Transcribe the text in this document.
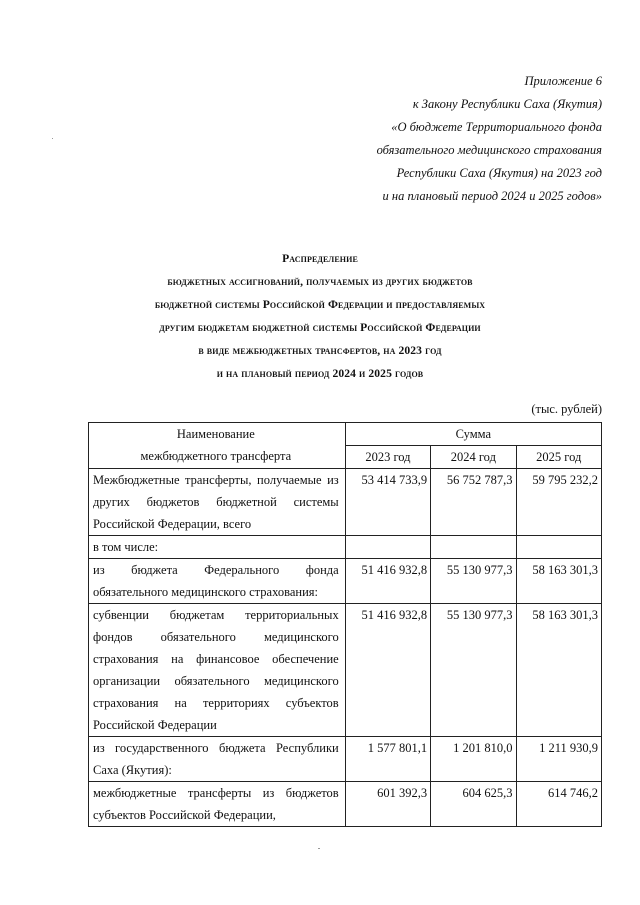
Приложение 6
к Закону Республики Саха (Якутия)
«О бюджете Территориального фонда
обязательного медицинского страхования
Республики Саха (Якутия) на 2023 год
и на плановый период 2024 и 2025 годов»
Распределение
бюджетных ассигнований, получаемых из других бюджетов
бюджетной системы Российской Федерации и предоставляемых
другим бюджетам бюджетной системы Российской Федерации
в виде межбюджетных трансфертов, на 2023 год
и на плановый период 2024 и 2025 годов
(тыс. рублей)
Наименование
межбюджетного трансферта	Сумма		
	2023 год	2024 год	2025 год
Межбюджетные трансферты, получаемые из других бюджетов бюджетной системы Российской Федерации, всего	53 414 733,9	56 752 787,3	59 795 232,2
в том числе:			
из бюджета Федерального фонда обязательного медицинского страхования:	51 416 932,8	55 130 977,3	58 163 301,3
субвенции бюджетам территориальных фондов обязательного медицинского страхования на финансовое обеспечение организации обязательного медицинского страхования на территориях субъектов Российской Федерации	51 416 932,8	55 130 977,3	58 163 301,3
из государственного бюджета Республики Саха (Якутия):	1 577 801,1	1 201 810,0	1 211 930,9
межбюджетные трансферты из бюджетов субъектов Российской Федерации,	601 392,3	604 625,3	614 746,2
